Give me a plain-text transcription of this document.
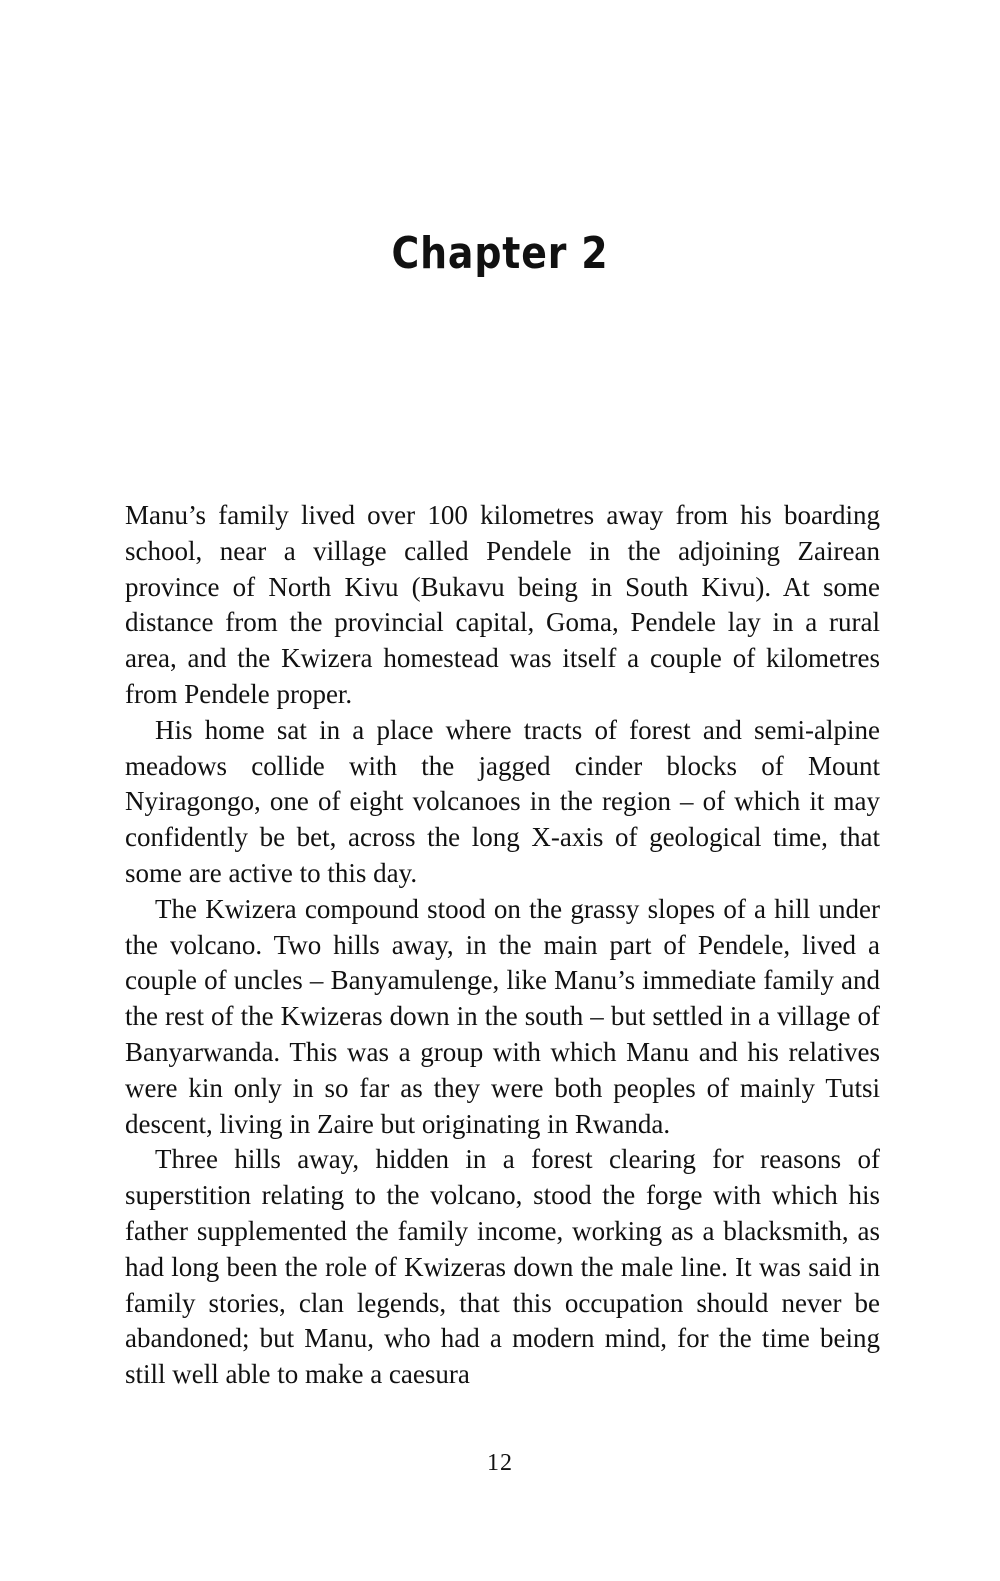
Chapter 2

Manu’s family lived over 100 kilometres away from his boarding school, near a village called Pendele in the adjoining Zairean province of North Kivu (Bukavu being in South Kivu). At some distance from the provincial capital, Goma, Pendele lay in a rural area, and the Kwizera homestead was itself a couple of kilometres from Pendele proper.

His home sat in a place where tracts of forest and semi-alpine meadows collide with the jagged cinder blocks of Mount Nyiragongo, one of eight volcanoes in the region – of which it may confidently be bet, across the long X-axis of geological time, that some are active to this day.

The Kwizera compound stood on the grassy slopes of a hill under the volcano. Two hills away, in the main part of Pendele, lived a couple of uncles – Banyamulenge, like Manu’s immediate family and the rest of the Kwizeras down in the south – but settled in a village of Banyarwanda. This was a group with which Manu and his relatives were kin only in so far as they were both peoples of mainly Tutsi descent, living in Zaire but originating in Rwanda.

Three hills away, hidden in a forest clearing for reasons of superstition relating to the volcano, stood the forge with which his father supplemented the family income, working as a blacksmith, as had long been the role of Kwizeras down the male line. It was said in family stories, clan legends, that this occupation should never be abandoned; but Manu, who had a modern mind, for the time being still well able to make a caesura

12
